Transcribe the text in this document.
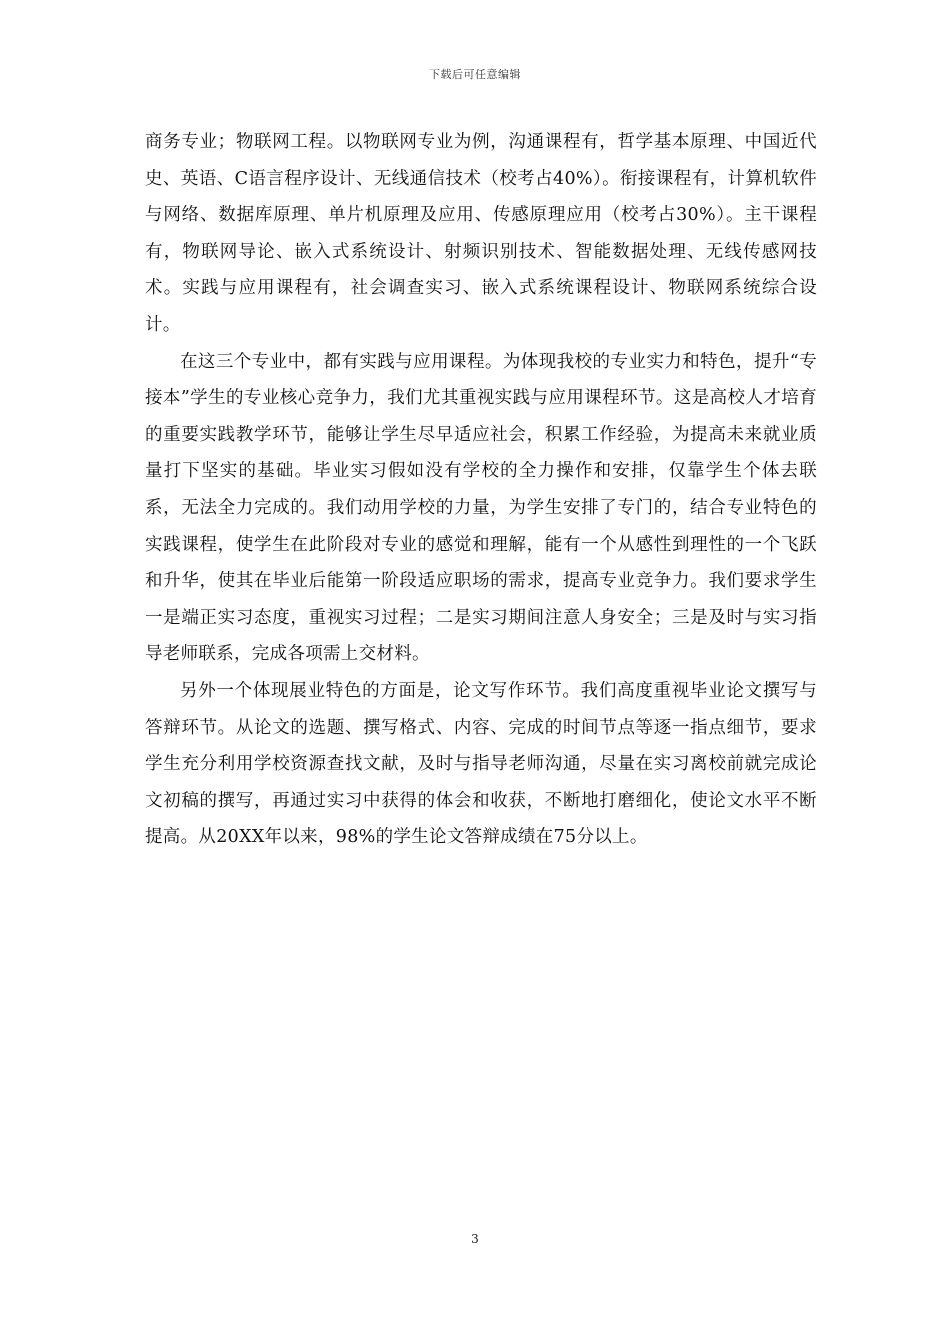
下载后可任意编辑

商务专业；物联网工程。以物联网专业为例，沟通课程有，哲学基本原理、中国近代史、英语、C语言程序设计、无线通信技术（校考占40%）。衔接课程有，计算机软件与网络、数据库原理、单片机原理及应用、传感原理应用（校考占30%）。主干课程有，物联网导论、嵌入式系统设计、射频识别技术、智能数据处理、无线传感网技术。实践与应用课程有，社会调查实习、嵌入式系统课程设计、物联网系统综合设计。

在这三个专业中，都有实践与应用课程。为体现我校的专业实力和特色，提升“专接本”学生的专业核心竞争力，我们尤其重视实践与应用课程环节。这是高校人才培育的重要实践教学环节，能够让学生尽早适应社会，积累工作经验，为提高未来就业质量打下坚实的基础。毕业实习假如没有学校的全力操作和安排，仅靠学生个体去联系，无法全力完成的。我们动用学校的力量，为学生安排了专门的，结合专业特色的实践课程，使学生在此阶段对专业的感觉和理解，能有一个从感性到理性的一个飞跃和升华，使其在毕业后能第一阶段适应职场的需求，提高专业竞争力。我们要求学生一是端正实习态度，重视实习过程；二是实习期间注意人身安全；三是及时与实习指导老师联系，完成各项需上交材料。

另外一个体现展业特色的方面是，论文写作环节。我们高度重视毕业论文撰写与答辩环节。从论文的选题、撰写格式、内容、完成的时间节点等逐一指点细节，要求学生充分利用学校资源查找文献，及时与指导老师沟通，尽量在实习离校前就完成论文初稿的撰写，再通过实习中获得的体会和收获，不断地打磨细化，使论文水平不断提高。从20XX年以来，98%的学生论文答辩成绩在75分以上。

3
